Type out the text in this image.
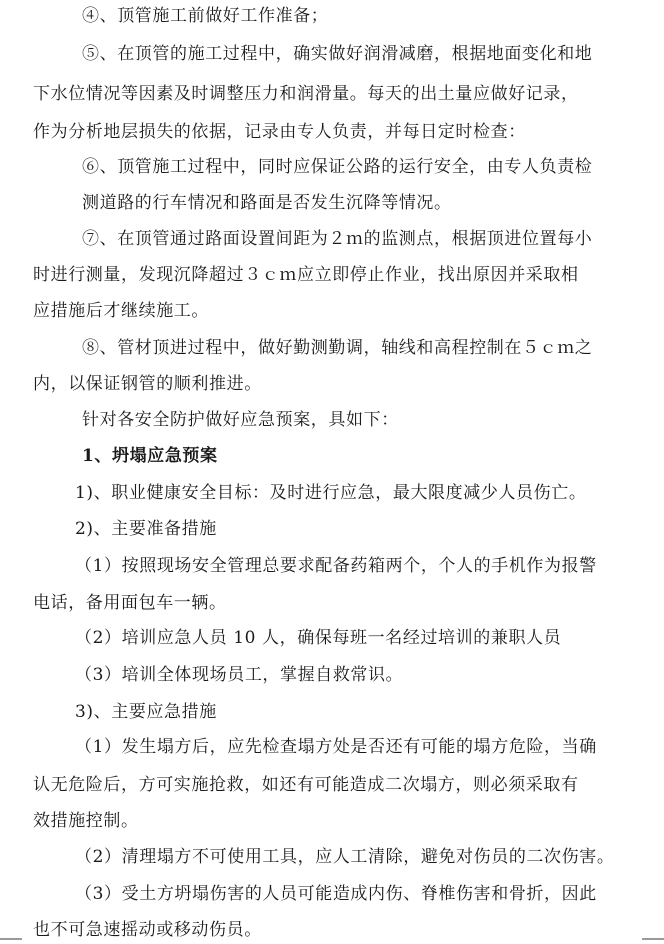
④、顶管施工前做好工作准备；
⑤、在顶管的施工过程中，确实做好润滑减磨，根据地面变化和地
下水位情况等因素及时调整压力和润滑量。每天的出土量应做好记录，
作为分析地层损失的依据，记录由专人负责，并每日定时检查：
⑥、顶管施工过程中，同时应保证公路的运行安全，由专人负责检
测道路的行车情况和路面是否发生沉降等情况。
⑦、在顶管通过路面设置间距为２ｍ的监测点，根据顶进位置每小
时进行测量，发现沉降超过３ｃｍ应立即停止作业，找出原因并采取相
应措施后才继续施工。
⑧、管材顶进过程中，做好勤测勤调，轴线和高程控制在５ｃｍ之
内，以保证钢管的顺利推进。
针对各安全防护做好应急预案，具如下：
1、坍塌应急预案
1)、职业健康安全目标：及时进行应急，最大限度减少人员伤亡。
2)、主要准备措施
（1）按照现场安全管理总要求配备药箱两个，个人的手机作为报警
电话，备用面包车一辆。
（2）培训应急人员 10 人，确保每班一名经过培训的兼职人员
（3）培训全体现场员工，掌握自救常识。
3)、主要应急措施
（1）发生塌方后，应先检查塌方处是否还有可能的塌方危险，当确
认无危险后，方可实施抢救，如还有可能造成二次塌方，则必须采取有
效措施控制。
（2）清理塌方不可使用工具，应人工清除，避免对伤员的二次伤害。
（3）受土方坍塌伤害的人员可能造成内伤、脊椎伤害和骨折，因此
也不可急速摇动或移动伤员。
